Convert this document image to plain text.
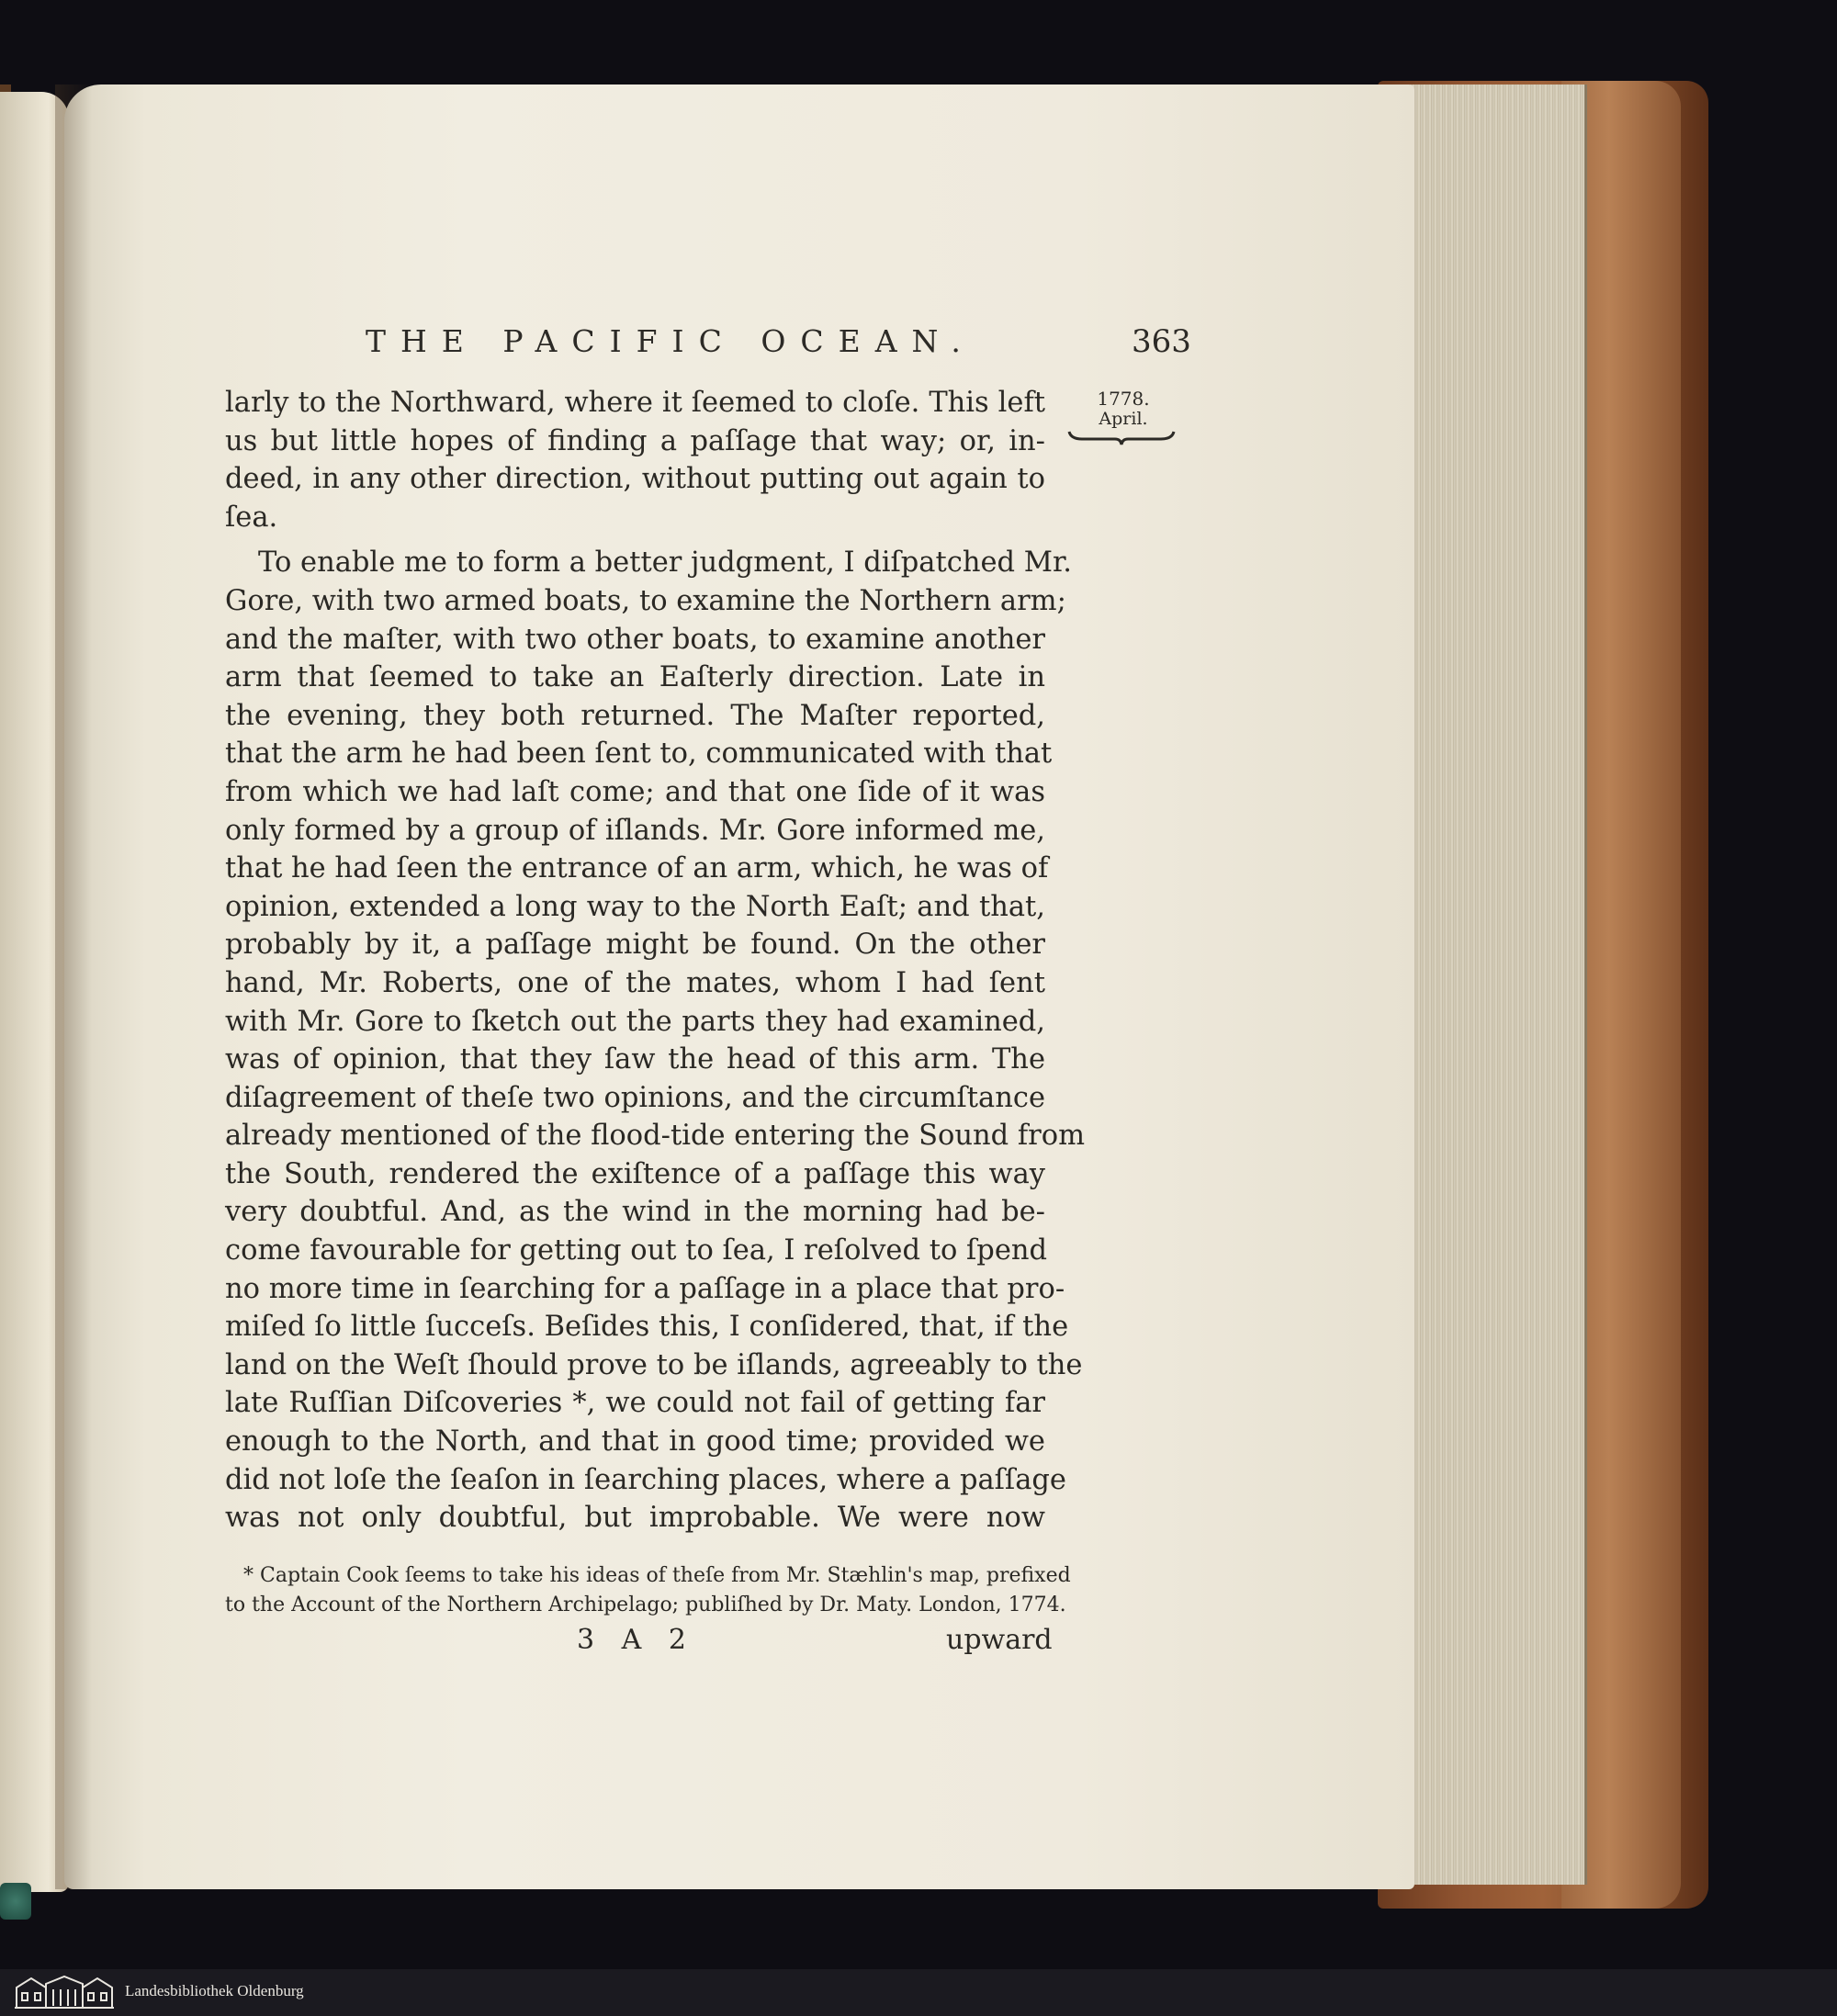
THE PACIFIC OCEAN.	363
1778.
April.
larly to the Northward, where it ſeemed to cloſe. This left
us but little hopes of finding a paſſage that way; or, in-
deed, in any other direction, without putting out again to
ſea.
To enable me to form a better judgment, I diſpatched Mr.
Gore, with two armed boats, to examine the Northern arm;
and the maſter, with two other boats, to examine another
arm that ſeemed to take an Eaſterly direction. Late in
the evening, they both returned. The Maſter reported,
that the arm he had been ſent to, communicated with that
from which we had laſt come; and that one ſide of it was
only formed by a group of iſlands. Mr. Gore informed me,
that he had ſeen the entrance of an arm, which, he was of
opinion, extended a long way to the North Eaſt; and that,
probably by it, a paſſage might be found. On the other
hand, Mr. Roberts, one of the mates, whom I had ſent
with Mr. Gore to ſketch out the parts they had examined,
was of opinion, that they ſaw the head of this arm. The
diſagreement of theſe two opinions, and the circumſtance
already mentioned of the flood-tide entering the Sound from
the South, rendered the exiſtence of a paſſage this way
very doubtful. And, as the wind in the morning had be-
come favourable for getting out to ſea, I reſolved to ſpend
no more time in ſearching for a paſſage in a place that pro-
miſed ſo little ſucceſs. Beſides this, I conſidered, that, if the
land on the Weſt ſhould prove to be iſlands, agreeably to the
late Ruſſian Diſcoveries *, we could not fail of getting far
enough to the North, and that in good time; provided we
did not loſe the ſeaſon in ſearching places, where a paſſage
was not only doubtful, but improbable. We were now
* Captain Cook ſeems to take his ideas of theſe from Mr. Stæhlin's map, prefixed
to the Account of the Northern Archipelago; publiſhed by Dr. Maty. London, 1774.
3 A 2	upward
Landesbibliothek Oldenburg
